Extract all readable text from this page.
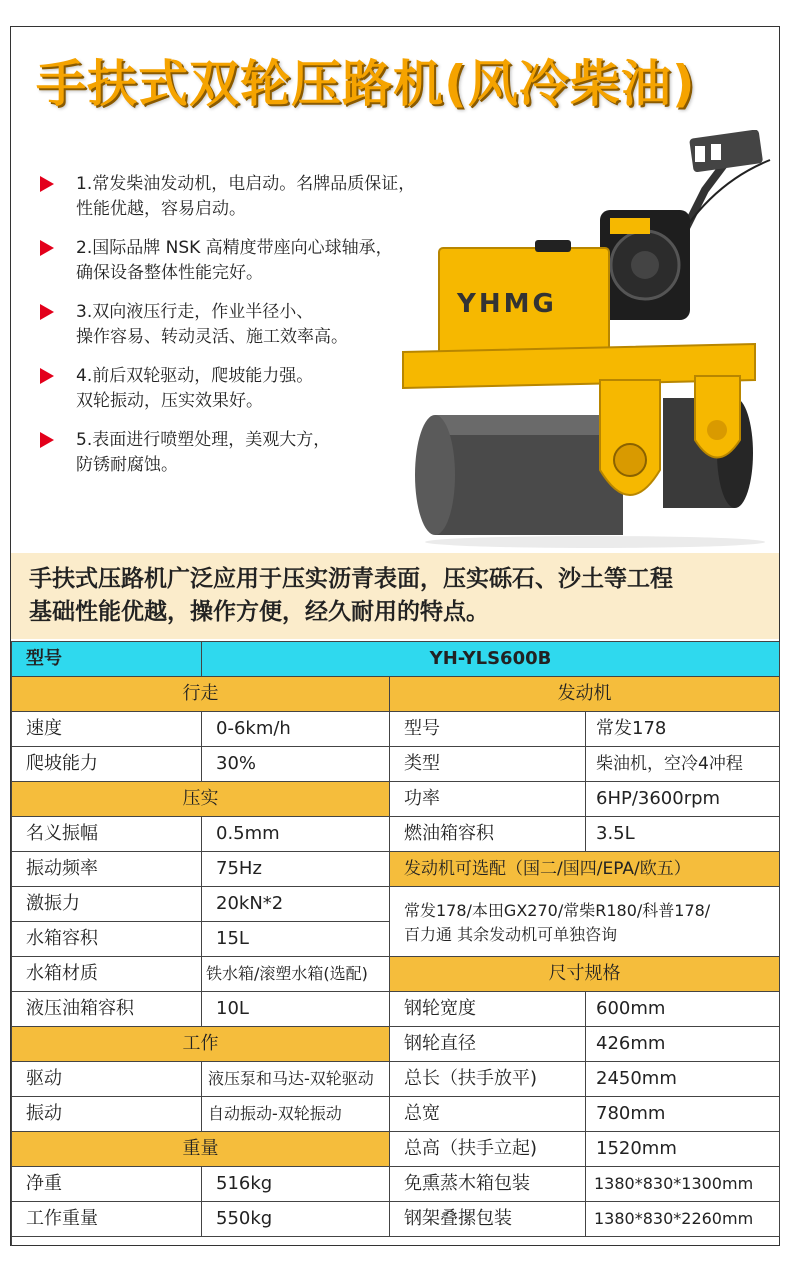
手扶式双轮压路机(风冷柴油)
1.常发柴油发动机，电启动。名牌品质保证，
性能优越，容易启动。
2.国际品牌 NSK 高精度带座向心球轴承，
确保设备整体性能完好。
3.双向液压行走，作业半径小、
操作容易、转动灵活、施工效率高。
4.前后双轮驱动，爬坡能力强。
双轮振动，压实效果好。
5.表面进行喷塑处理，美观大方，
防锈耐腐蚀。
YHMG
手扶式压路机广泛应用于压实沥青表面，压实砾石、沙土等工程
基础性能优越，操作方便，经久耐用的特点。
型号	YH-YLS600B
行走
速度	0-6km/h
爬坡能力	30%
压实
名义振幅	0.5mm
振动频率	75Hz
激振力	20kN*2
水箱容积	15L
水箱材质	铁水箱/滚塑水箱(选配)
液压油箱容积	10L
工作
驱动	液压泵和马达-双轮驱动
振动	自动振动-双轮振动
重量
净重	516kg
工作重量	550kg
发动机
型号	常发178
类型	柴油机，空冷4冲程
功率	6HP/3600rpm
燃油箱容积	3.5L
发动机可选配（国二/国四/EPA/欧五）
常发178/本田GX270/常柴R180/科普178/
百力通 其余发动机可单独咨询
尺寸规格
钢轮宽度	600mm
钢轮直径	426mm
总长（扶手放平)	2450mm
总宽	780mm
总高（扶手立起)	1520mm
免熏蒸木箱包装	1380*830*1300mm
钢架叠摞包装	1380*830*2260mm
